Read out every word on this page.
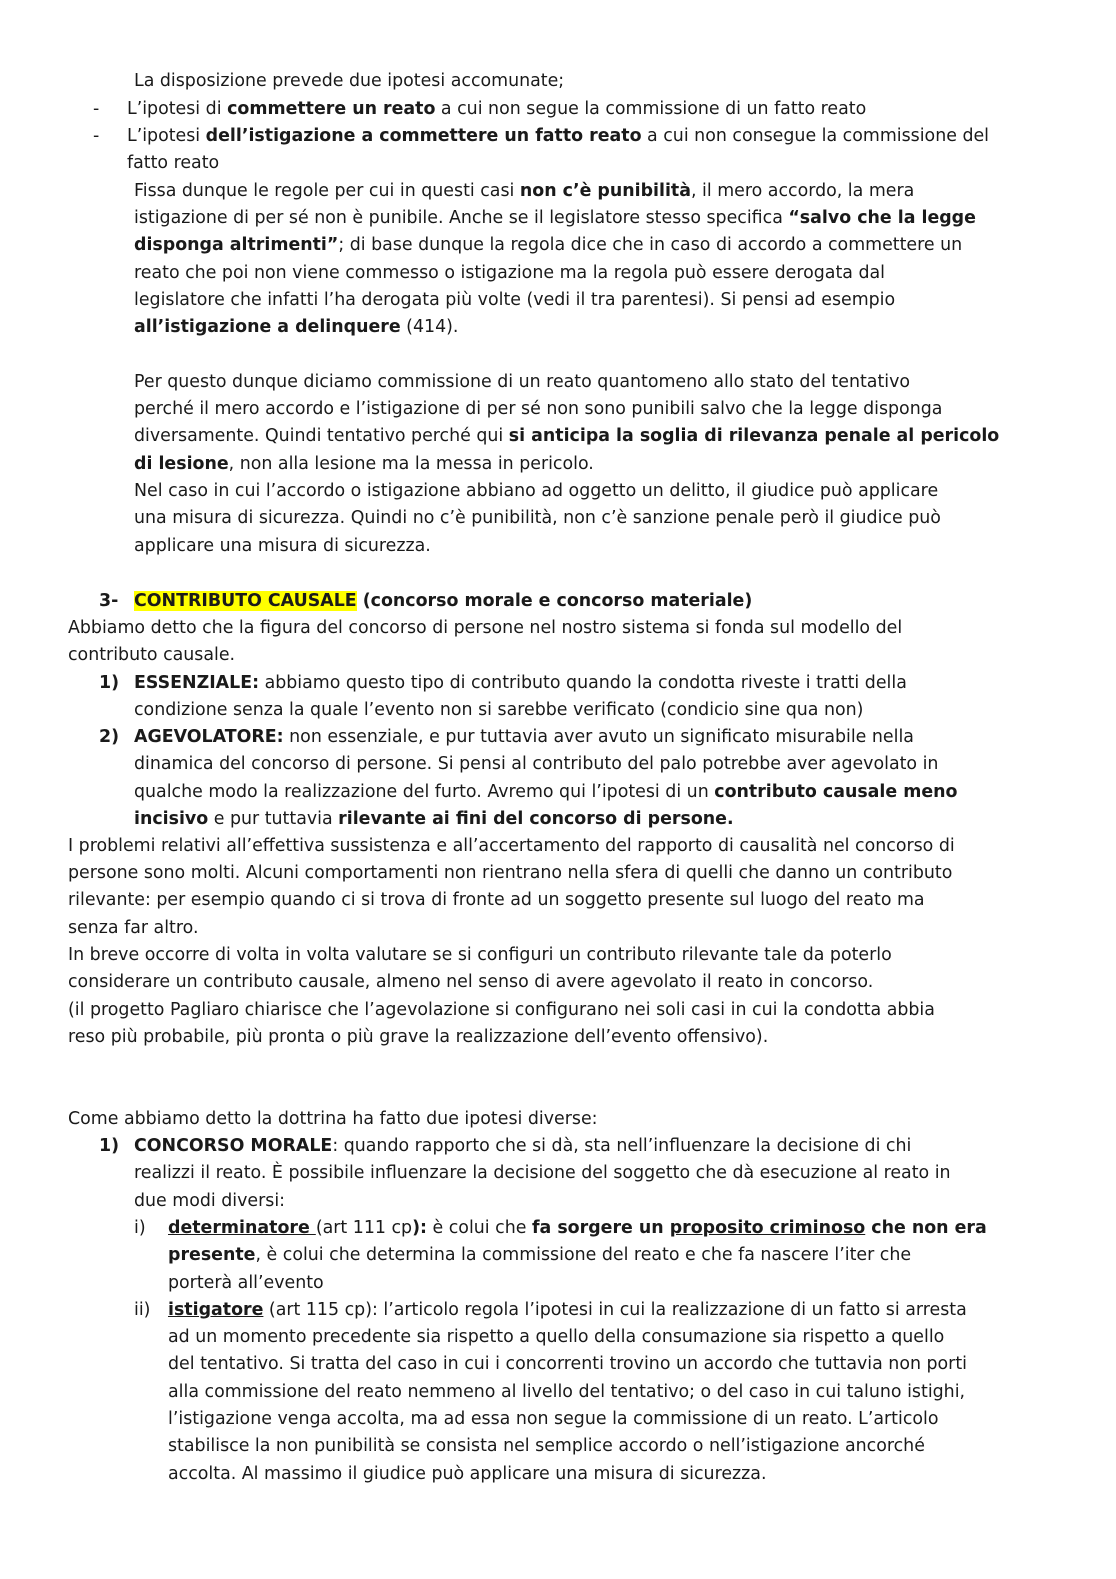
La disposizione prevede due ipotesi accomunate;
- L’ipotesi di commettere un reato a cui non segue la commissione di un fatto reato
- L’ipotesi dell’istigazione a commettere un fatto reato a cui non consegue la commissione del
fatto reato
Fissa dunque le regole per cui in questi casi non c’è punibilità, il mero accordo, la mera
istigazione di per sé non è punibile. Anche se il legislatore stesso specifica “salvo che la legge
disponga altrimenti”; di base dunque la regola dice che in caso di accordo a commettere un
reato che poi non viene commesso o istigazione ma la regola può essere derogata dal
legislatore che infatti l’ha derogata più volte (vedi il tra parentesi). Si pensi ad esempio
all’istigazione a delinquere (414).
Per questo dunque diciamo commissione di un reato quantomeno allo stato del tentativo
perché il mero accordo e l’istigazione di per sé non sono punibili salvo che la legge disponga
diversamente. Quindi tentativo perché qui si anticipa la soglia di rilevanza penale al pericolo
di lesione, non alla lesione ma la messa in pericolo.
Nel caso in cui l’accordo o istigazione abbiano ad oggetto un delitto, il giudice può applicare
una misura di sicurezza. Quindi no c’è punibilità, non c’è sanzione penale però il giudice può
applicare una misura di sicurezza.
3- CONTRIBUTO CAUSALE (concorso morale e concorso materiale)
Abbiamo detto che la figura del concorso di persone nel nostro sistema si fonda sul modello del
contributo causale.
1) ESSENZIALE: abbiamo questo tipo di contributo quando la condotta riveste i tratti della
condizione senza la quale l’evento non si sarebbe verificato (condicio sine qua non)
2) AGEVOLATORE: non essenziale, e pur tuttavia aver avuto un significato misurabile nella
dinamica del concorso di persone. Si pensi al contributo del palo potrebbe aver agevolato in
qualche modo la realizzazione del furto. Avremo qui l’ipotesi di un contributo causale meno
incisivo e pur tuttavia rilevante ai fini del concorso di persone.
I problemi relativi all’effettiva sussistenza e all’accertamento del rapporto di causalità nel concorso di
persone sono molti. Alcuni comportamenti non rientrano nella sfera di quelli che danno un contributo
rilevante: per esempio quando ci si trova di fronte ad un soggetto presente sul luogo del reato ma
senza far altro.
In breve occorre di volta in volta valutare se si configuri un contributo rilevante tale da poterlo
considerare un contributo causale, almeno nel senso di avere agevolato il reato in concorso.
(il progetto Pagliaro chiarisce che l’agevolazione si configurano nei soli casi in cui la condotta abbia
reso più probabile, più pronta o più grave la realizzazione dell’evento offensivo).
Come abbiamo detto la dottrina ha fatto due ipotesi diverse:
1) CONCORSO MORALE: quando rapporto che si dà, sta nell’influenzare la decisione di chi
realizzi il reato. È possibile influenzare la decisione del soggetto che dà esecuzione al reato in
due modi diversi:
i) determinatore (art 111 cp): è colui che fa sorgere un proposito criminoso che non era
presente, è colui che determina la commissione del reato e che fa nascere l’iter che
porterà all’evento
ii) istigatore (art 115 cp): l’articolo regola l’ipotesi in cui la realizzazione di un fatto si arresta
ad un momento precedente sia rispetto a quello della consumazione sia rispetto a quello
del tentativo. Si tratta del caso in cui i concorrenti trovino un accordo che tuttavia non porti
alla commissione del reato nemmeno al livello del tentativo; o del caso in cui taluno istighi,
l’istigazione venga accolta, ma ad essa non segue la commissione di un reato. L’articolo
stabilisce la non punibilità se consista nel semplice accordo o nell’istigazione ancorché
accolta. Al massimo il giudice può applicare una misura di sicurezza.
